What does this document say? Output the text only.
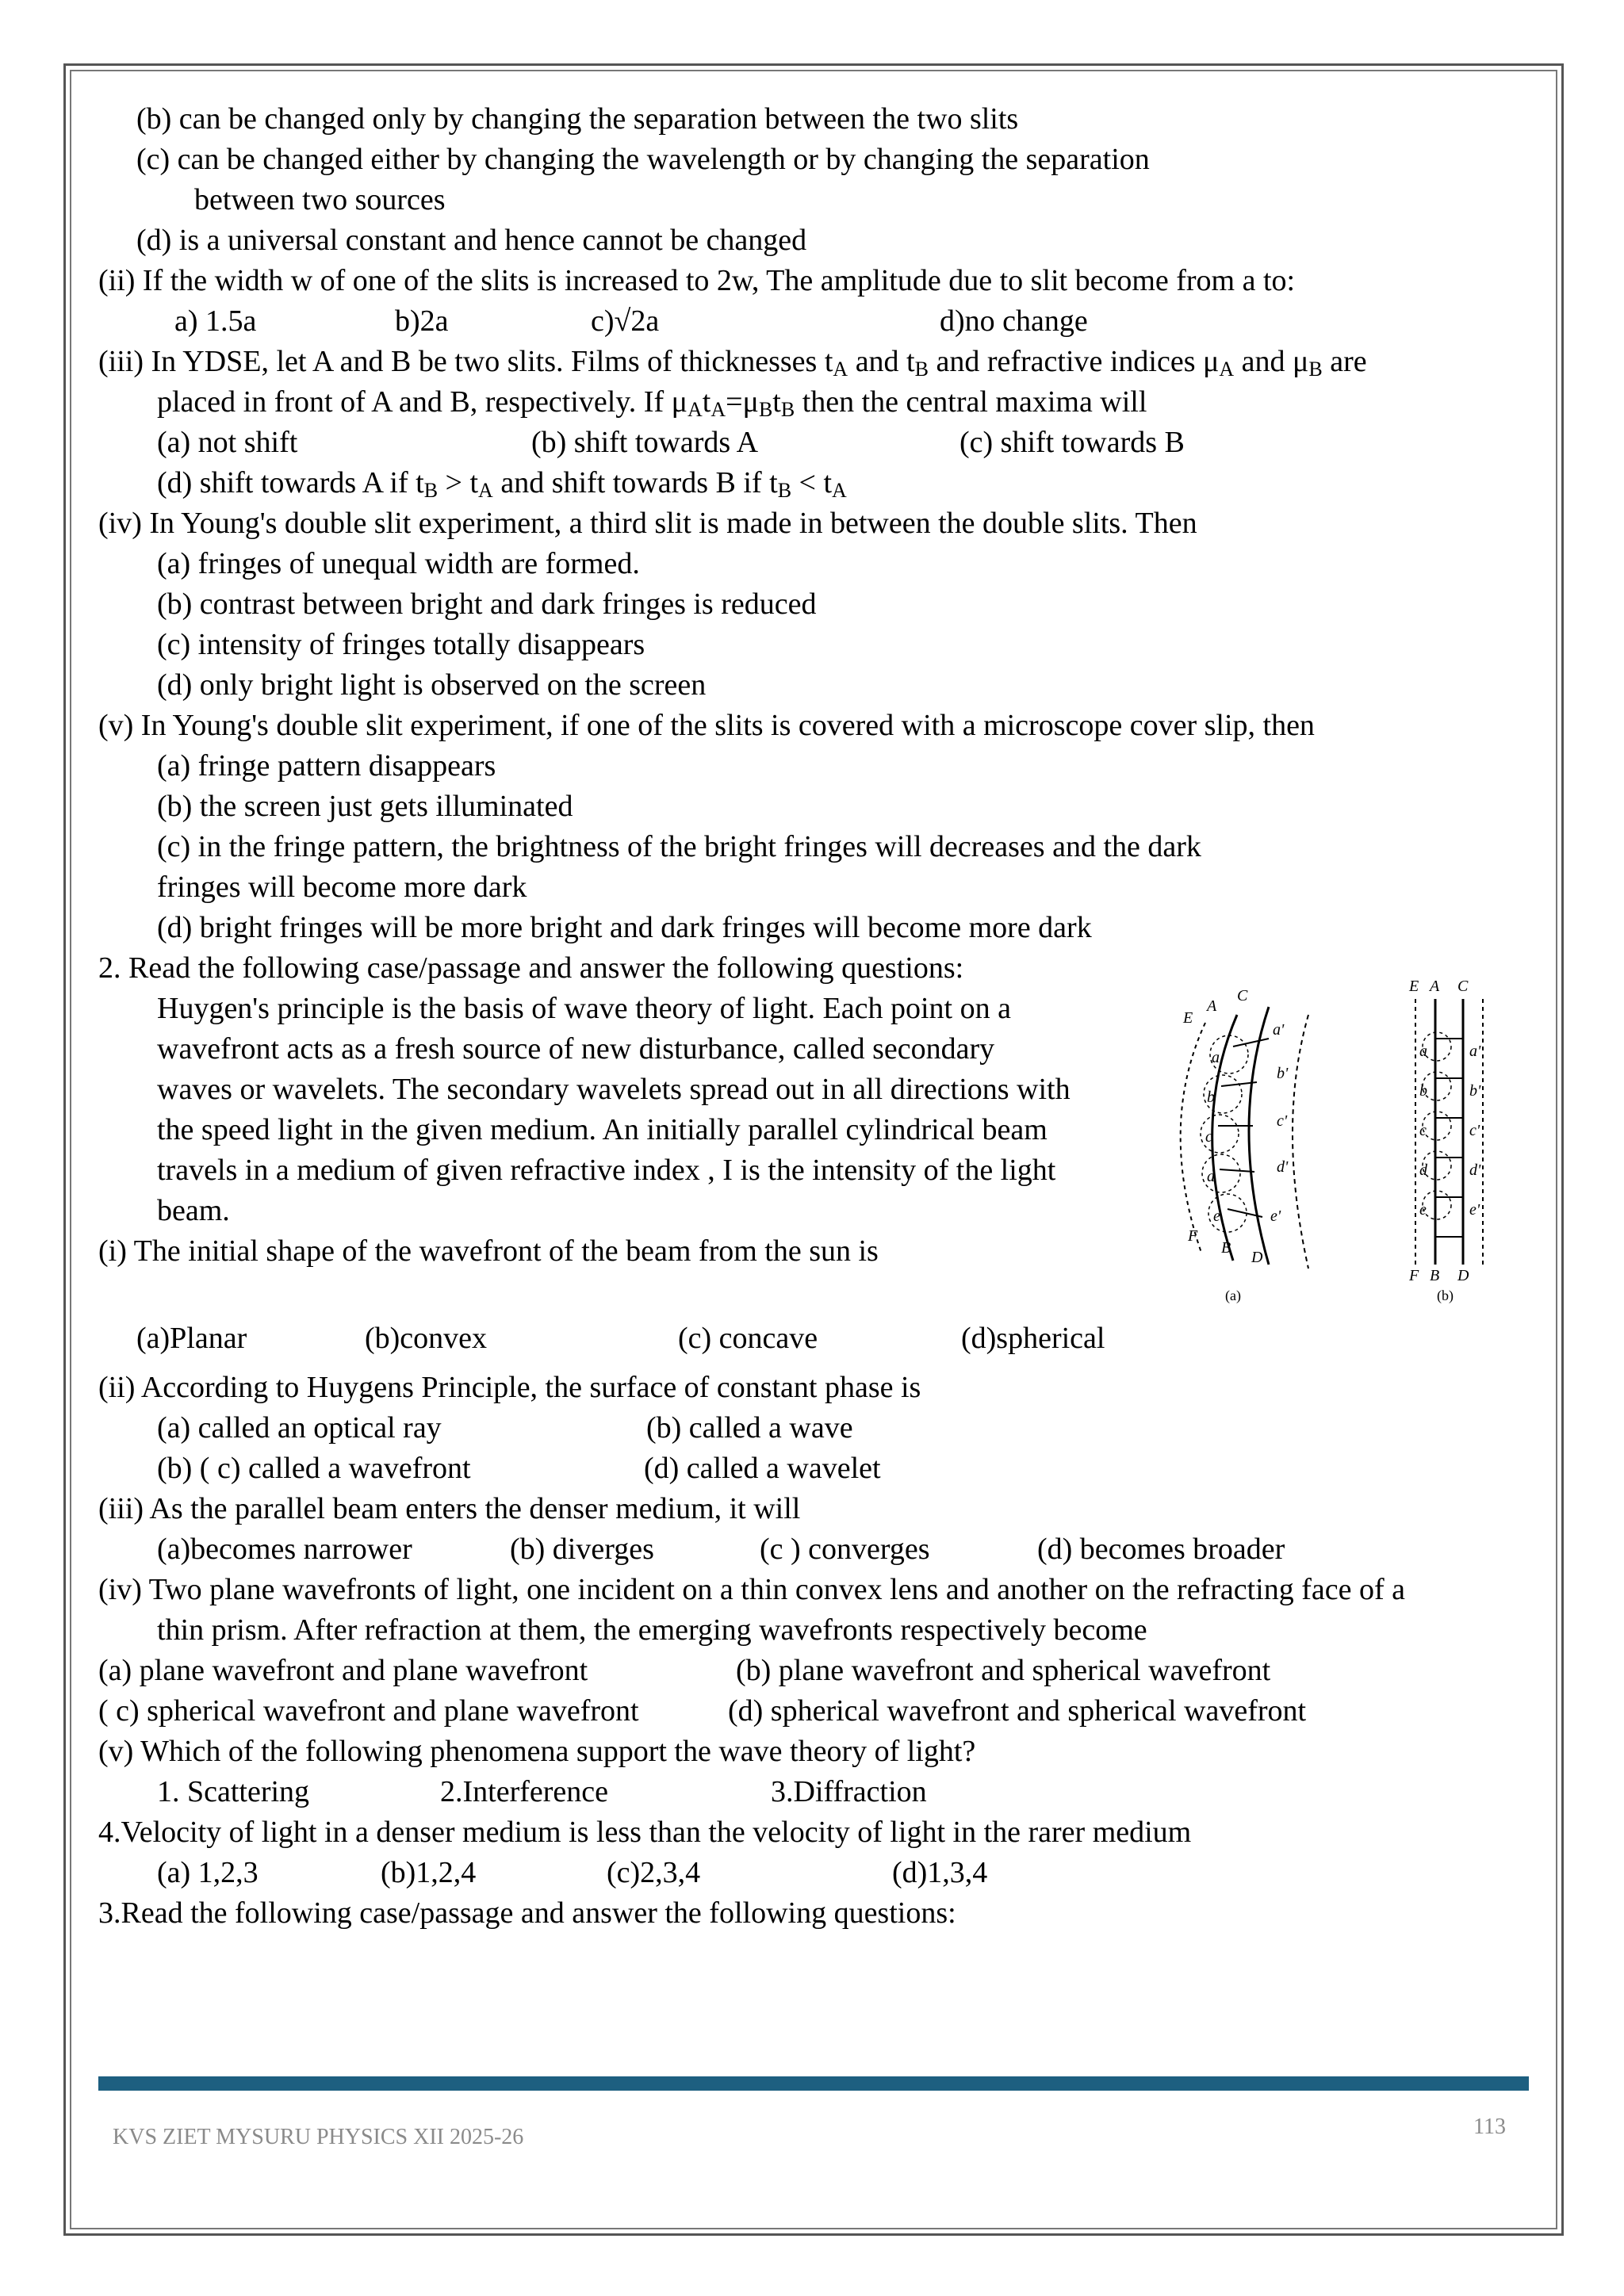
(b) can be changed only by changing the separation between the two slits
(c) can be changed either by changing the wavelength or by changing the separation
between two sources
(d) is a universal constant and hence cannot be changed
(ii) If the width w of one of the slits is increased to 2w, The amplitude due to slit become from a to:
a) 1.5a	b)2a	c)√2a	d)no change
(iii) In YDSE, let A and B be two slits. Films of thicknesses $t_A$ and $t_B$ and refractive indices $\mu_A$ and $\mu_B$ are
placed in front of A and B, respectively. If $\mu_At_A=\mu_Bt_B$ then the central maxima will
(a) not shift	(b) shift towards A	(c) shift towards B
(d) shift towards A if $t_B > t_A$ and shift towards B if $t_B < t_A$
(iv) In Young's double slit experiment, a third slit is made in between the double slits. Then
(a) fringes of unequal width are formed.
(b) contrast between bright and dark fringes is reduced
(c) intensity of fringes totally disappears
(d) only bright light is observed on the screen
(v) In Young's double slit experiment, if one of the slits is covered with a microscope cover slip, then
(a) fringe pattern disappears
(b) the screen just gets illuminated
(c) in the fringe pattern, the brightness of the bright fringes will decreases and the dark
fringes will become more dark
(d) bright fringes will be more bright and dark fringes will become more dark
2. Read the following case/passage and answer the following questions:
Huygen's principle is the basis of wave theory of light. Each point on a
wavefront acts as a fresh source of new disturbance, called secondary
waves or wavelets. The secondary wavelets spread out in all directions with
the speed light in the given medium. An initially parallel cylindrical beam
travels in a medium of given refractive index , I is the intensity of the light
beam.
(i) The initial shape of the wavefront of the beam from the sun is
(a)Planar	(b)convex	(c) concave	(d)spherical
(ii) According to Huygens Principle, the surface of constant phase is
(a) called an optical ray	(b) called a wave
(b) ( c) called a wavefront	(d) called a wavelet
(iii) As the parallel beam enters the denser medium, it will
(a)becomes narrower	(b) diverges	(c ) converges	(d) becomes broader
(iv) Two plane wavefronts of light, one incident on a thin convex lens and another on the refracting face of a
thin prism. After refraction at them, the emerging wavefronts respectively become
(a) plane wavefront and plane wavefront	(b) plane wavefront and spherical wavefront
( c) spherical wavefront and plane wavefront	(d) spherical wavefront and spherical wavefront
(v) Which of the following phenomena support the wave theory of light?
1. Scattering	2.Interference	3.Diffraction
4.Velocity of light in a denser medium is less than the velocity of light in the rarer medium
(a) 1,2,3	(b)1,2,4	(c)2,3,4	(d)1,3,4
3.Read the following case/passage and answer the following questions:
E
A
C
F
B
D
a
b
c
d
e
a'
b'
c'
d'
e'
E A C
F B D
a
b
c
d
e
a'
b'
c'
d'
e'
(a)	(b)
KVS ZIET MYSURU PHYSICS XII 2025-26	113
